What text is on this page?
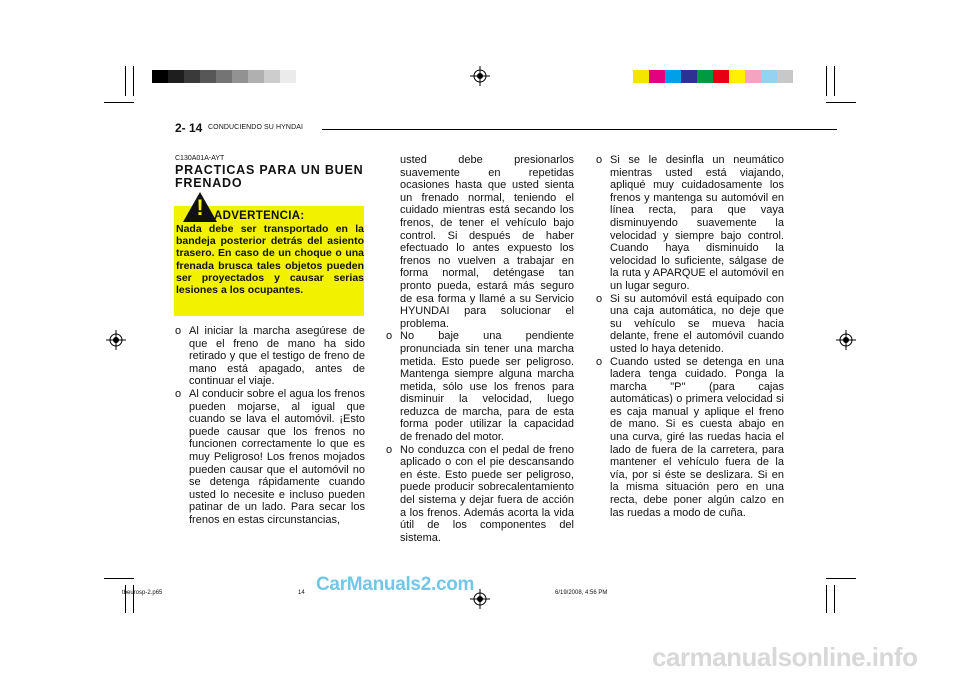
2- 14 CONDUCIENDO SU HYNDAI
C130A01A-AYT
PRACTICAS PARA UN BUEN
FRENADO
! ADVERTENCIA:
Nada debe ser transportado en la bandeja posterior detrás del asiento trasero. En caso de un choque o una frenada brusca tales objetos pueden ser proyectados y causar serias lesiones a los ocupantes.
o Al iniciar la marcha asegúrese de que el freno de mano ha sido retirado y que el testigo de freno de mano está apagado, antes de continuar el viaje.
o Al conducir sobre el agua los frenos pueden mojarse, al igual que cuando se lava el automóvil. ¡Esto puede causar que los frenos no funcionen correctamente lo que es muy Peligroso! Los frenos mojados pueden causar que el automóvil no se detenga rápidamente cuando usted lo necesite e incluso pueden patinar de un lado. Para secar los frenos en estas circunstancias,

usted debe presionarlos suavemente en repetidas ocasiones hasta que usted sienta un frenado normal, teniendo el cuidado mientras está secando los frenos, de tener el vehículo bajo control. Si después de haber efectuado lo antes expuesto los frenos no vuelven a trabajar en forma normal, deténgase tan pronto pueda, estará más seguro de esa forma y llamé a su Servicio HYUNDAI para solucionar el problema.

o No baje una pendiente pronunciada sin tener una marcha metida. Esto puede ser peligroso. Mantenga siempre alguna marcha metida, sólo use los frenos para disminuir la velocidad, luego reduzca de marcha, para de esta forma poder utilizar la capacidad de frenado del motor.
o No conduzca con el pedal de freno aplicado o con el pie descansando en éste. Esto puede ser peligroso, puede producir sobrecalentamiento del sistema y dejar fuera de acción a los frenos. Además acorta la vida útil de los componentes del sistema.
o Si se le desinfla un neumático mientras usted está viajando, apliqué muy cuidadosamente los frenos y mantenga su automóvil en línea recta, para que vaya disminuyendo suavemente la velocidad y siempre bajo control. Cuando haya disminuido la velocidad lo suficiente, sálgase de la ruta y APARQUE el automóvil en un lugar seguro.
o Si su automóvil está equipado con una caja automática, no deje que su vehículo se mueva hacia delante, frene el automóvil cuando usted lo haya detenido.
o Cuando usted se detenga en una ladera tenga cuidado. Ponga la marcha "P" (para cajas automáticas) o primera velocidad si es caja manual y aplique el freno de mano. Si es cuesta abajo en una curva, giré las ruedas hacia el lado de fuera de la carretera, para mantener el vehículo fuera de la vía, por si éste se deslizara. Si en la misma situación pero en una recta, debe poner algún calzo en las ruedas a modo de cuña.
tbeurosp-2.p65	14	6/19/2008, 4:56 PM
CarManuals2.com
carmanualsonline.info
